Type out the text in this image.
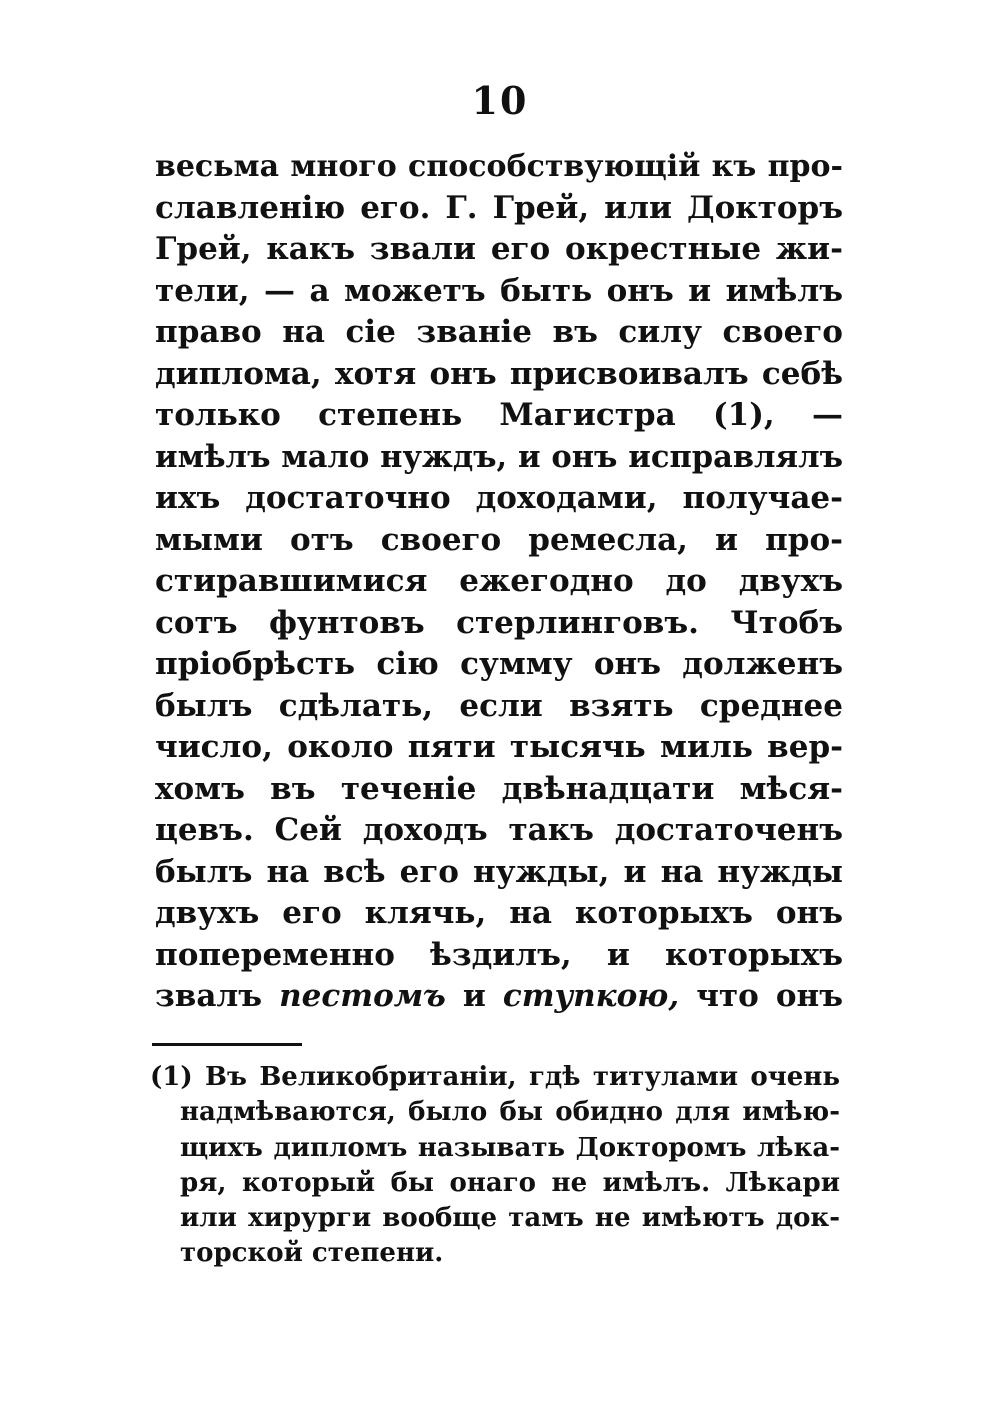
10
весьма много способствующій къ про-
славленію его. Г. Грей, или Докторъ
Грей, какъ звали его окрестные жи-
тели, — а можетъ быть онъ и имѣлъ
право на сіе званіе въ силу своего
диплома, хотя онъ присвоивалъ себѣ
только степень Магистра (1), —
имѣлъ мало нуждъ, и онъ исправлялъ
ихъ достаточно доходами, получае-
мыми отъ своего ремесла, и про-
стиравшимися ежегодно до двухъ
сотъ фунтовъ стерлинговъ. Чтобъ
пріобрѣсть сію сумму онъ долженъ
былъ сдѣлать, если взять среднее
число, около пяти тысячь миль вер-
хомъ въ теченіе двѣнадцати мѣся-
цевъ. Сей доходъ такъ достаточенъ
былъ на всѣ его нужды, и на нужды
двухъ его клячь, на которыхъ онъ
попеременно ѣздилъ, и которыхъ
звалъ пестомъ и ступкою, что онъ
(1) Въ Великобританіи, гдѣ титулами очень
надмѣваются, было бы обидно для имѣю-
щихъ дипломъ называть Докторомъ лѣка-
ря, который бы онаго не имѣлъ. Лѣкари
или хирурги вообще тамъ не имѣютъ док-
торской степени.
